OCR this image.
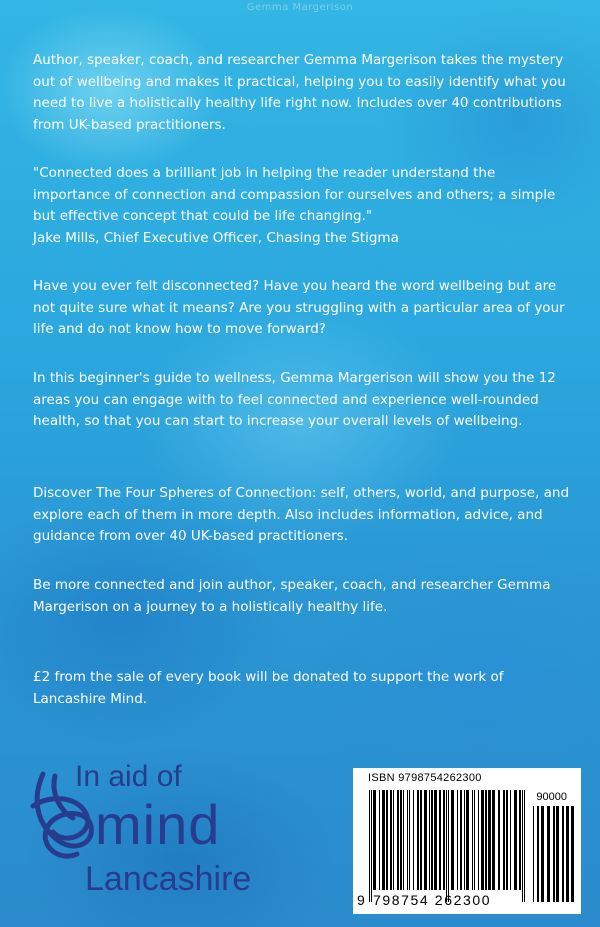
Gemma Margerison

Author, speaker, coach, and researcher Gemma Margerison takes the mystery out of wellbeing and makes it practical, helping you to easily identify what you need to live a holistically healthy life right now. Includes over 40 contributions from UK-based practitioners.

"Connected does a brilliant job in helping the reader understand the importance of connection and compassion for ourselves and others; a simple but effective concept that could be life changing."
Jake Mills, Chief Executive Officer, Chasing the Stigma

Have you ever felt disconnected? Have you heard the word wellbeing but are not quite sure what it means? Are you struggling with a particular area of your life and do not know how to move forward?

In this beginner's guide to wellness, Gemma Margerison will show you the 12 areas you can engage with to feel connected and experience well-rounded health, so that you can start to increase your overall levels of wellbeing.

Discover The Four Spheres of Connection: self, others, world, and purpose, and explore each of them in more depth. Also includes information, advice, and guidance from over 40 UK-based practitioners.

Be more connected and join author, speaker, coach, and researcher Gemma Margerison on a journey to a holistically healthy life.

£2 from the sale of every book will be donated to support the work of Lancashire Mind.

In aid of
mind
Lancashire
ISBN 9798754262300
90000
9 798754 262300
